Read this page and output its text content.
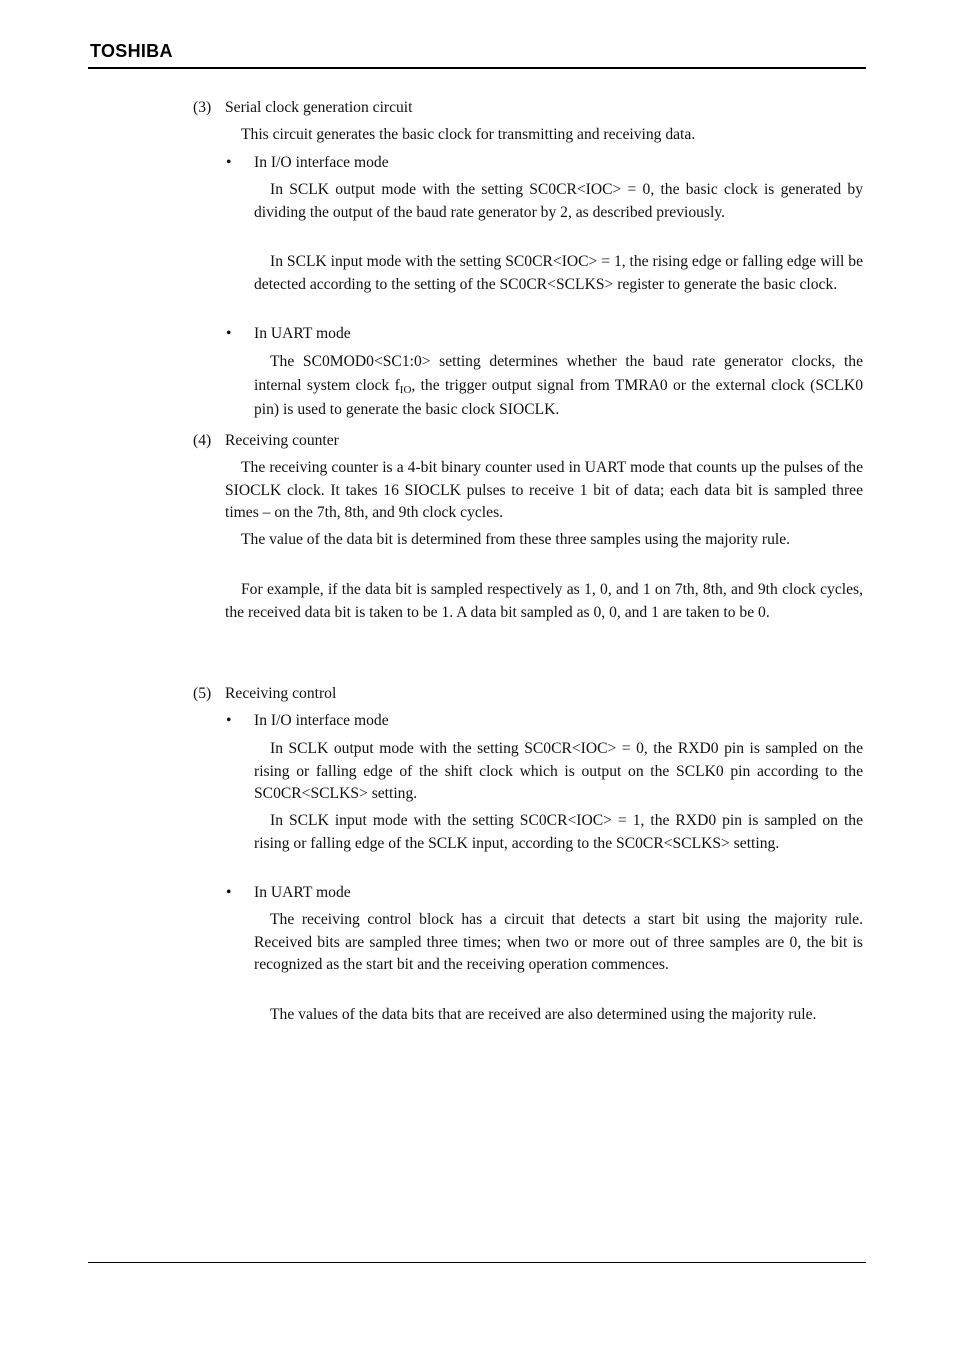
TOSHIBA
(3) Serial clock generation circuit

This circuit generates the basic clock for transmitting and receiving data.

• In I/O interface mode

In SCLK output mode with the setting SC0CR<IOC> = 0, the basic clock is generated by dividing the output of the baud rate generator by 2, as described previously.

In SCLK input mode with the setting SC0CR<IOC> = 1, the rising edge or falling edge will be detected according to the setting of the SC0CR<SCLKS> register to generate the basic clock.

• In UART mode

The SC0MOD0<SC1:0> setting determines whether the baud rate generator clocks, the internal system clock $f_{IO}$, the trigger output signal from TMRA0 or the external clock (SCLK0 pin) is used to generate the basic clock SIOCLK.

(4) Receiving counter

The receiving counter is a 4-bit binary counter used in UART mode that counts up the pulses of the SIOCLK clock. It takes 16 SIOCLK pulses to receive 1 bit of data; each data bit is sampled three times – on the 7th, 8th, and 9th clock cycles.

The value of the data bit is determined from these three samples using the majority rule.

For example, if the data bit is sampled respectively as 1, 0, and 1 on 7th, 8th, and 9th clock cycles, the received data bit is taken to be 1. A data bit sampled as 0, 0, and 1 are taken to be 0.

(5) Receiving control
• In I/O interface mode

In SCLK output mode with the setting SC0CR<IOC> = 0, the RXD0 pin is sampled on the rising or falling edge of the shift clock which is output on the SCLK0 pin according to the SC0CR<SCLKS> setting.

In SCLK input mode with the setting SC0CR<IOC> = 1, the RXD0 pin is sampled on the rising or falling edge of the SCLK input, according to the SC0CR<SCLKS> setting.

• In UART mode

The receiving control block has a circuit that detects a start bit using the majority rule. Received bits are sampled three times; when two or more out of three samples are 0, the bit is recognized as the start bit and the receiving operation commences.

The values of the data bits that are received are also determined using the majority rule.
